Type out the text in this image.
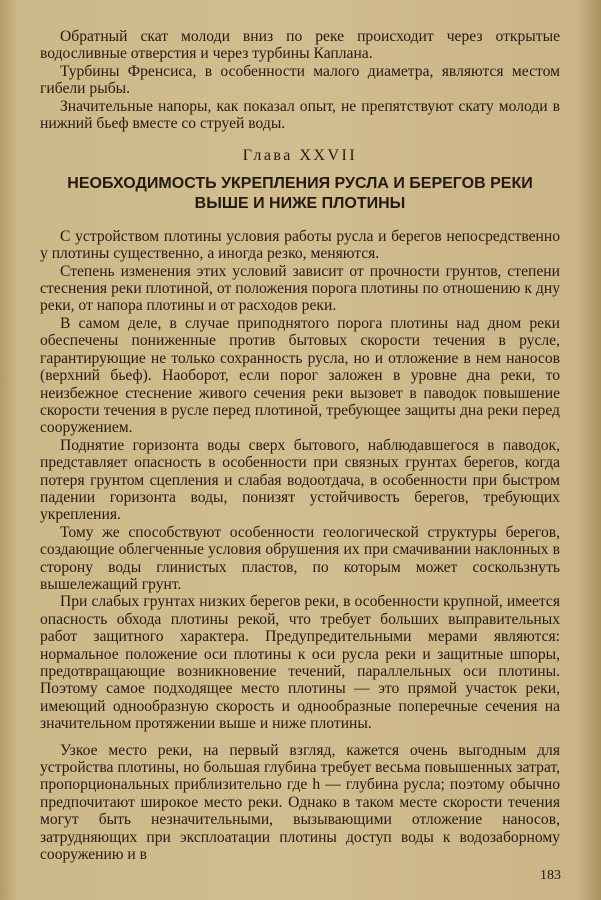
Обратный скат молоди вниз по реке происходит через открытые водосливные отверстия и через турбины Каплана.

Турбины Френсиса, в особенности малого диаметра, являются местом гибели рыбы.

Значительные напоры, как показал опыт, не препятствуют скату молоди в нижний бьеф вместе со струей воды.

Глава XXVII
НЕОБХОДИМОСТЬ УКРЕПЛЕНИЯ РУСЛА И БЕРЕГОВ РЕКИ
ВЫШЕ И НИЖЕ ПЛОТИНЫ

С устройством плотины условия работы русла и берегов непосредственно у плотины существенно, а иногда резко, меняются.

Степень изменения этих условий зависит от прочности грунтов, степени стеснения реки плотиной, от положения порога плотины по отношению к дну реки, от напора плотины и от расходов реки.

В самом деле, в случае приподнятого порога плотины над дном реки обеспечены пониженные против бытовых скорости течения в русле, гарантирующие не только сохранность русла, но и отложение в нем наносов (верхний бьеф). Наоборот, если порог заложен в уровне дна реки, то неизбежное стеснение живого сечения реки вызовет в паводок повышение скорости течения в русле перед плотиной, требующее защиты дна реки перед сооружением.

Поднятие горизонта воды сверх бытового, наблюдавшегося в паводок, представляет опасность в особенности при связных грунтах берегов, когда потеря грунтом сцепления и слабая водоотдача, в особенности при быстром падении горизонта воды, понизят устойчивость берегов, требующих укрепления.

Тому же способствуют особенности геологической структуры берегов, создающие облегченные условия обрушения их при смачивании наклонных в сторону воды глинистых пластов, по которым может соскользнуть вышележащий грунт.

При слабых грунтах низких берегов реки, в особенности крупной, имеется опасность обхода плотины рекой, что требует больших выправительных работ защитного характера. Предупредительными мерами являются: нормальное положение оси плотины к оси русла реки и защитные шпоры, предотвращающие возникновение течений, параллельных оси плотины. Поэтому самое подходящее место плотины — это прямой участок реки, имеющий однообразную скорость и однообразные поперечные сечения на значительном протяжении выше и ниже плотины.

Узкое место реки, на первый взгляд, кажется очень выгодным для устройства плотины, но большая глубина требует весьма повышенных затрат, пропорциональных приблизительно где h — глубина русла; поэтому обычно предпочитают широкое место реки. Однако в таком месте скорости течения могут быть незначительными, вызывающими отложение наносов, затрудняющих при эксплоатации плотины доступ воды к водозаборному сооружению и в

183
